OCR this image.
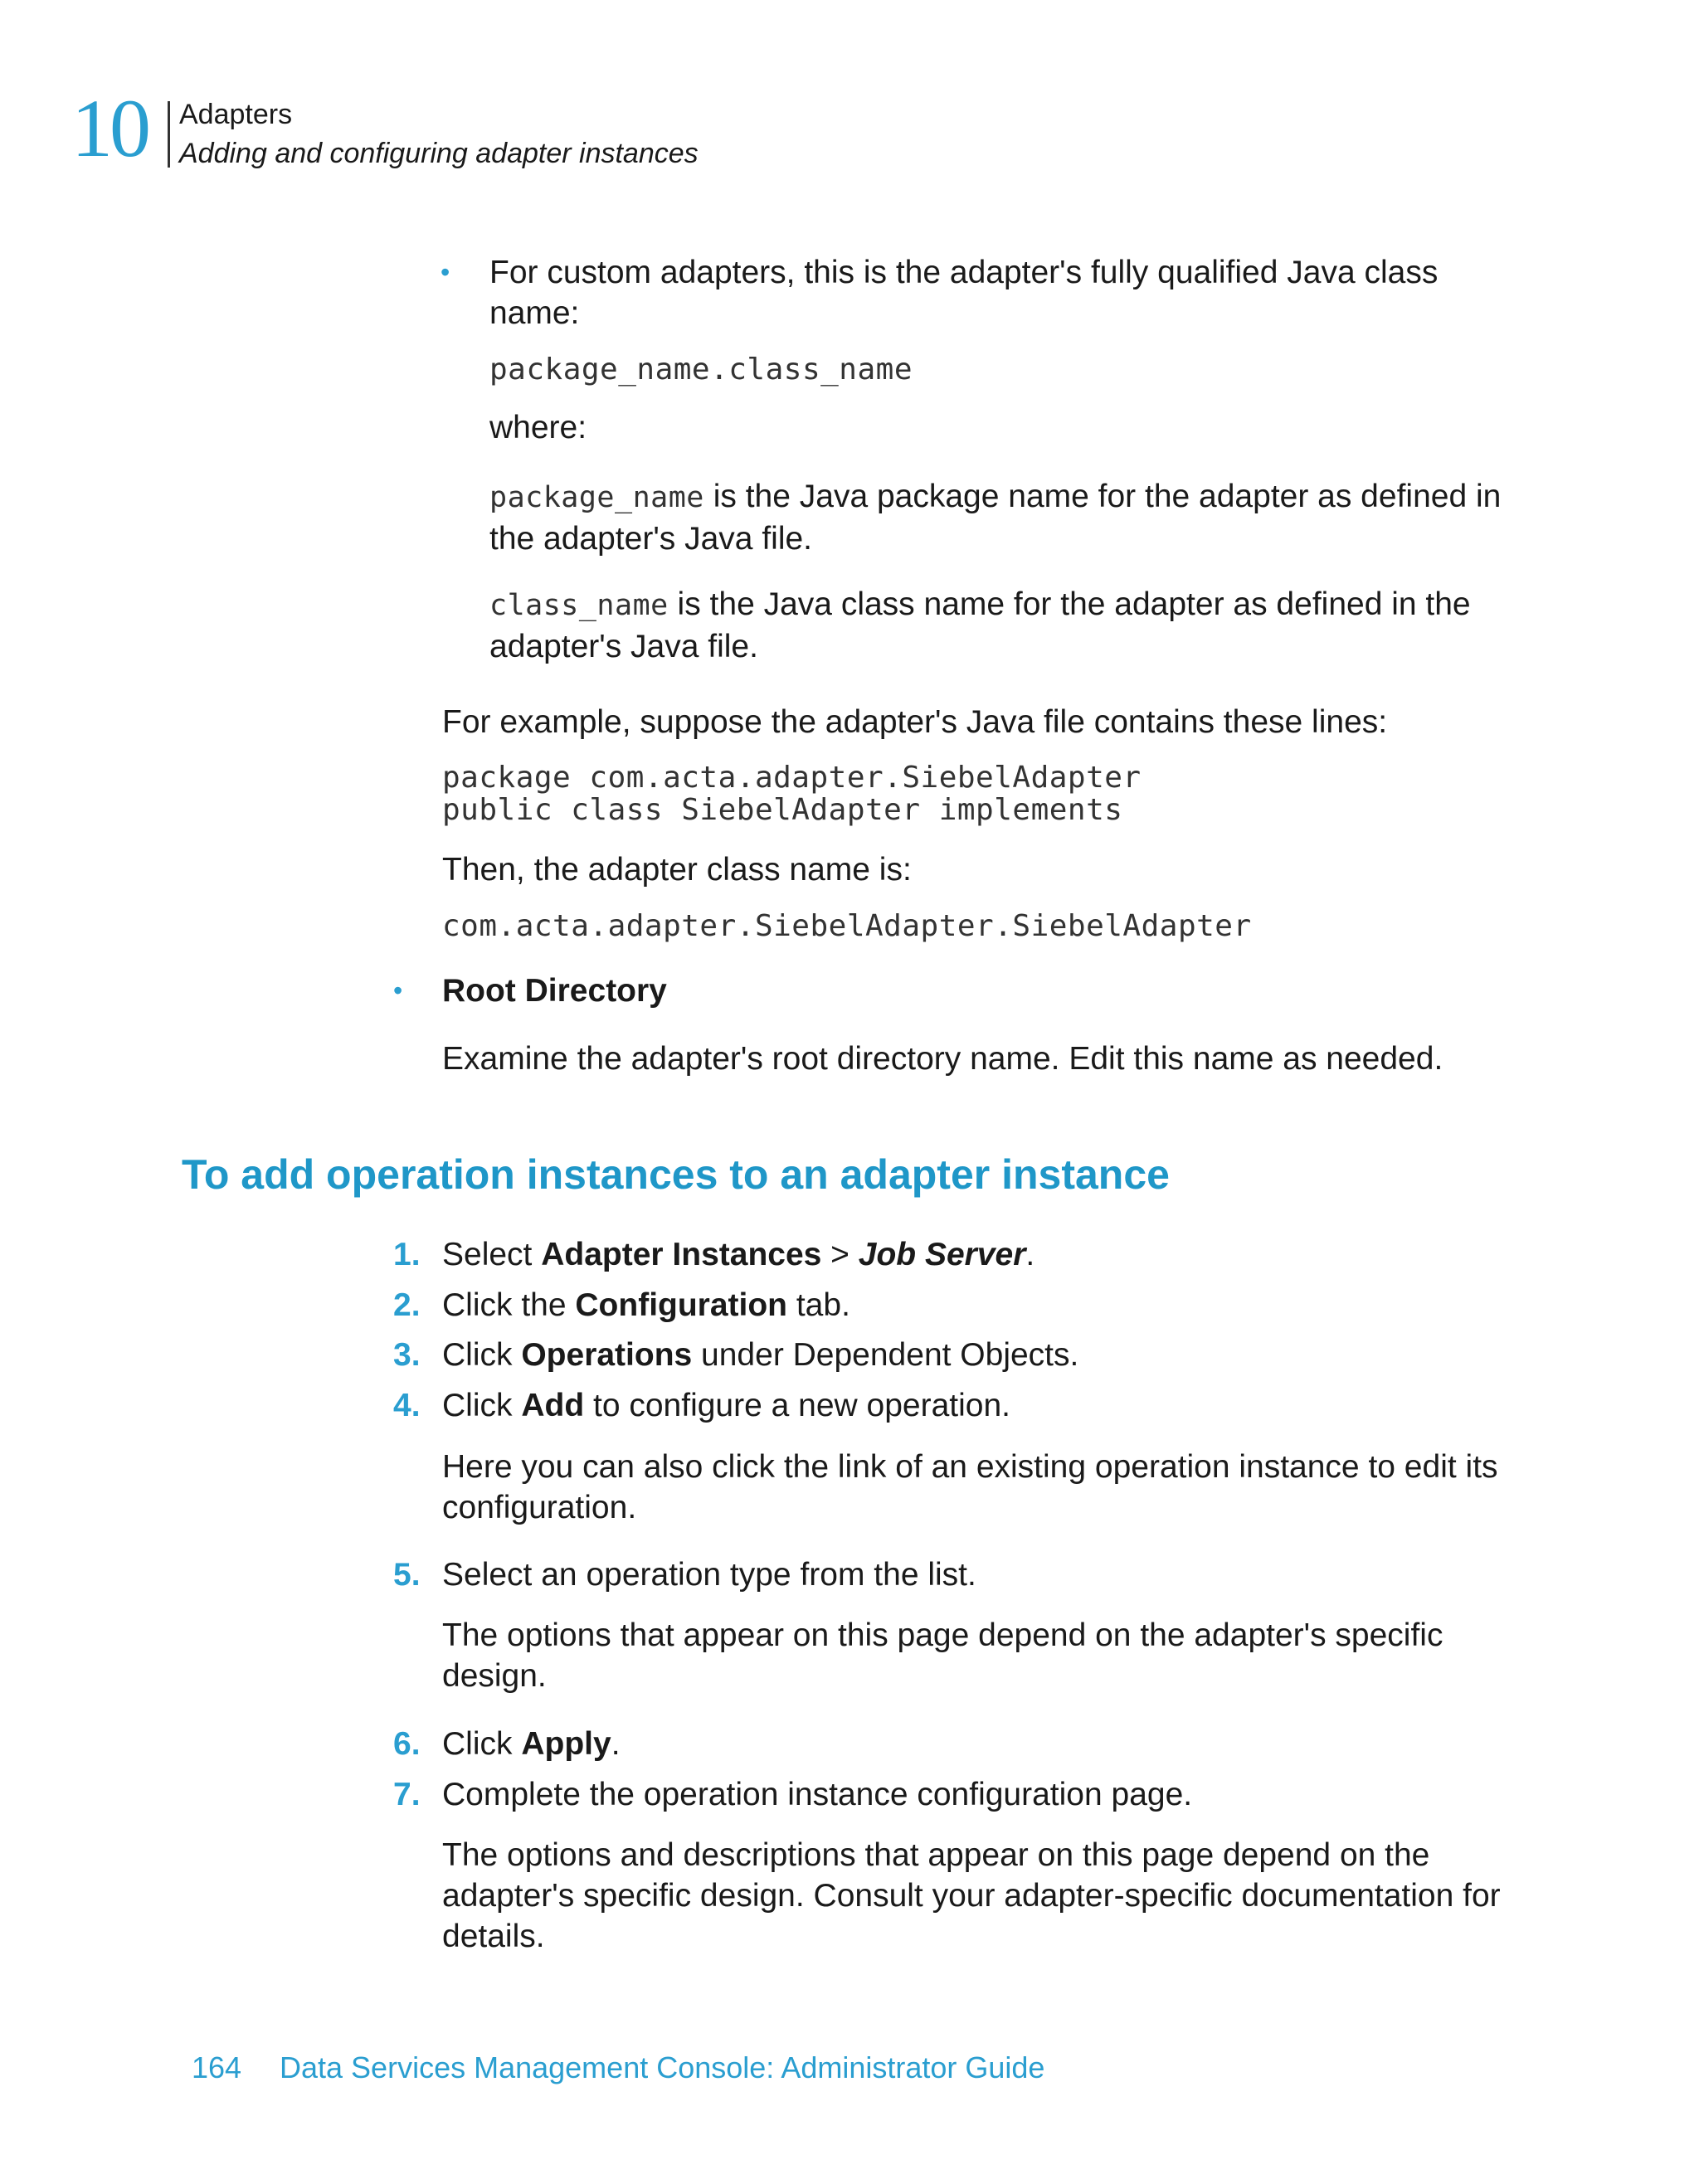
10 Adapters
Adding and configuring adapter instances
• For custom adapters, this is the adapter's fully qualified Java class name:

package_name.class_name

where:

package_name is the Java package name for the adapter as defined in the adapter's Java file.

class_name is the Java class name for the adapter as defined in the adapter's Java file.

For example, suppose the adapter's Java file contains these lines:

package com.acta.adapter.SiebelAdapter
public class SiebelAdapter implements

Then, the adapter class name is:

com.acta.adapter.SiebelAdapter.SiebelAdapter
• Root Directory

Examine the adapter's root directory name. Edit this name as needed.

To add operation instances to an adapter instance
1. Select Adapter Instances > Job Server.

2. Click the Configuration tab.

3. Click Operations under Dependent Objects.

4. Click Add to configure a new operation.

Here you can also click the link of an existing operation instance to edit its configuration.

5. Select an operation type from the list.

The options that appear on this page depend on the adapter's specific design.

6. Click Apply.

7. Complete the operation instance configuration page.

The options and descriptions that appear on this page depend on the adapter's specific design. Consult your adapter-specific documentation for details.

164 Data Services Management Console: Administrator Guide
